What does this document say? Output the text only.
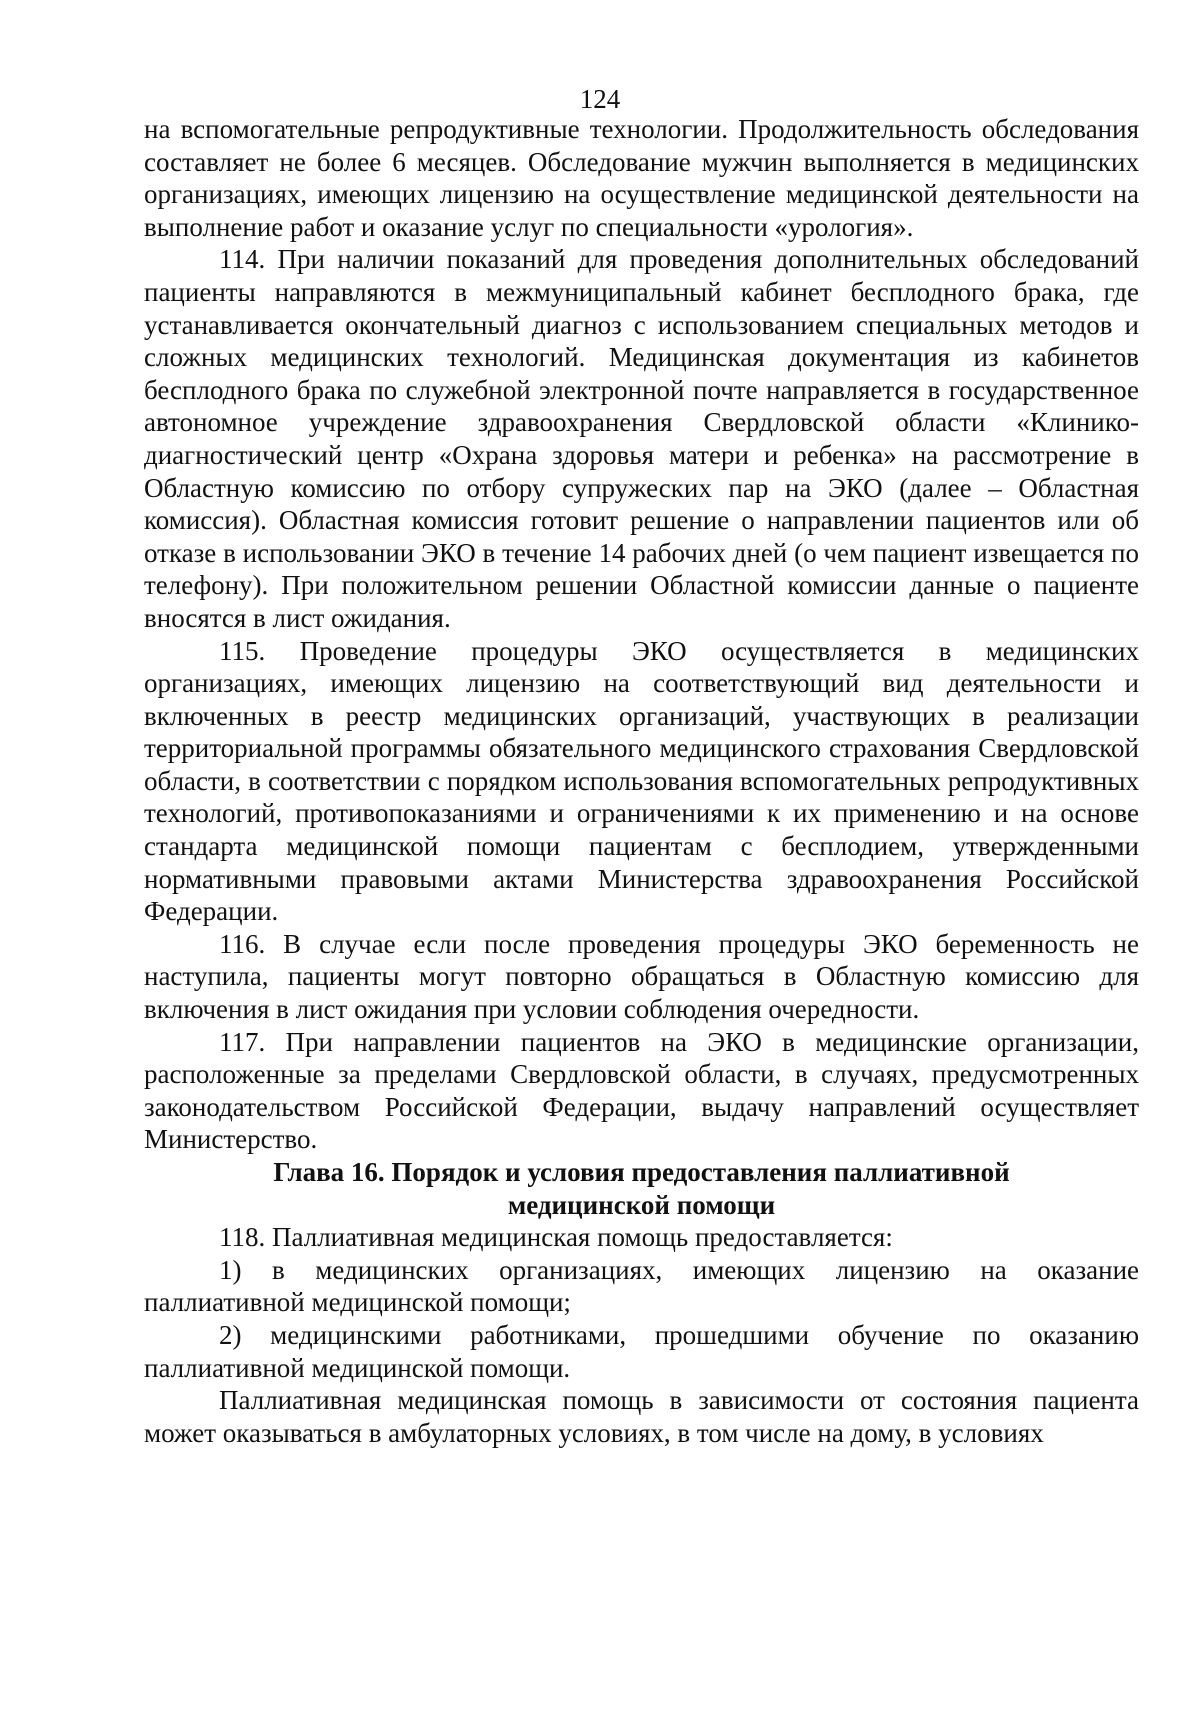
124

на вспомогательные репродуктивные технологии. Продолжительность обследования составляет не более 6 месяцев. Обследование мужчин выполняется в медицинских организациях, имеющих лицензию на осуществление медицинской деятельности на выполнение работ и оказание услуг по специальности «урология».

114. При наличии показаний для проведения дополнительных обследований пациенты направляются в межмуниципальный кабинет бесплодного брака, где устанавливается окончательный диагноз с использованием специальных методов и сложных медицинских технологий. Медицинская документация из кабинетов бесплодного брака по служебной электронной почте направляется в государственное автономное учреждение здравоохранения Свердловской области «Клинико-диагностический центр «Охрана здоровья матери и ребенка» на рассмотрение в Областную комиссию по отбору супружеских пар на ЭКО (далее – Областная комиссия). Областная комиссия готовит решение о направлении пациентов или об отказе в использовании ЭКО в течение 14 рабочих дней (о чем пациент извещается по телефону). При положительном решении Областной комиссии данные о пациенте вносятся в лист ожидания.

115. Проведение процедуры ЭКО осуществляется в медицинских организациях, имеющих лицензию на соответствующий вид деятельности и включенных в реестр медицинских организаций, участвующих в реализации территориальной программы обязательного медицинского страхования Свердловской области, в соответствии с порядком использования вспомогательных репродуктивных технологий, противопоказаниями и ограничениями к их применению и на основе стандарта медицинской помощи пациентам с бесплодием, утвержденными нормативными правовыми актами Министерства здравоохранения Российской Федерации.

116. В случае если после проведения процедуры ЭКО беременность не наступила, пациенты могут повторно обращаться в Областную комиссию для включения в лист ожидания при условии соблюдения очередности.

117. При направлении пациентов на ЭКО в медицинские организации, расположенные за пределами Свердловской области, в случаях, предусмотренных законодательством Российской Федерации, выдачу направлений осуществляет Министерство.

Глава 16. Порядок и условия предоставления паллиативной
медицинской помощи

118. Паллиативная медицинская помощь предоставляется:

1) в медицинских организациях, имеющих лицензию на оказание паллиативной медицинской помощи;

2) медицинскими работниками, прошедшими обучение по оказанию паллиативной медицинской помощи.

Паллиативная медицинская помощь в зависимости от состояния пациента может оказываться в амбулаторных условиях, в том числе на дому, в условиях
